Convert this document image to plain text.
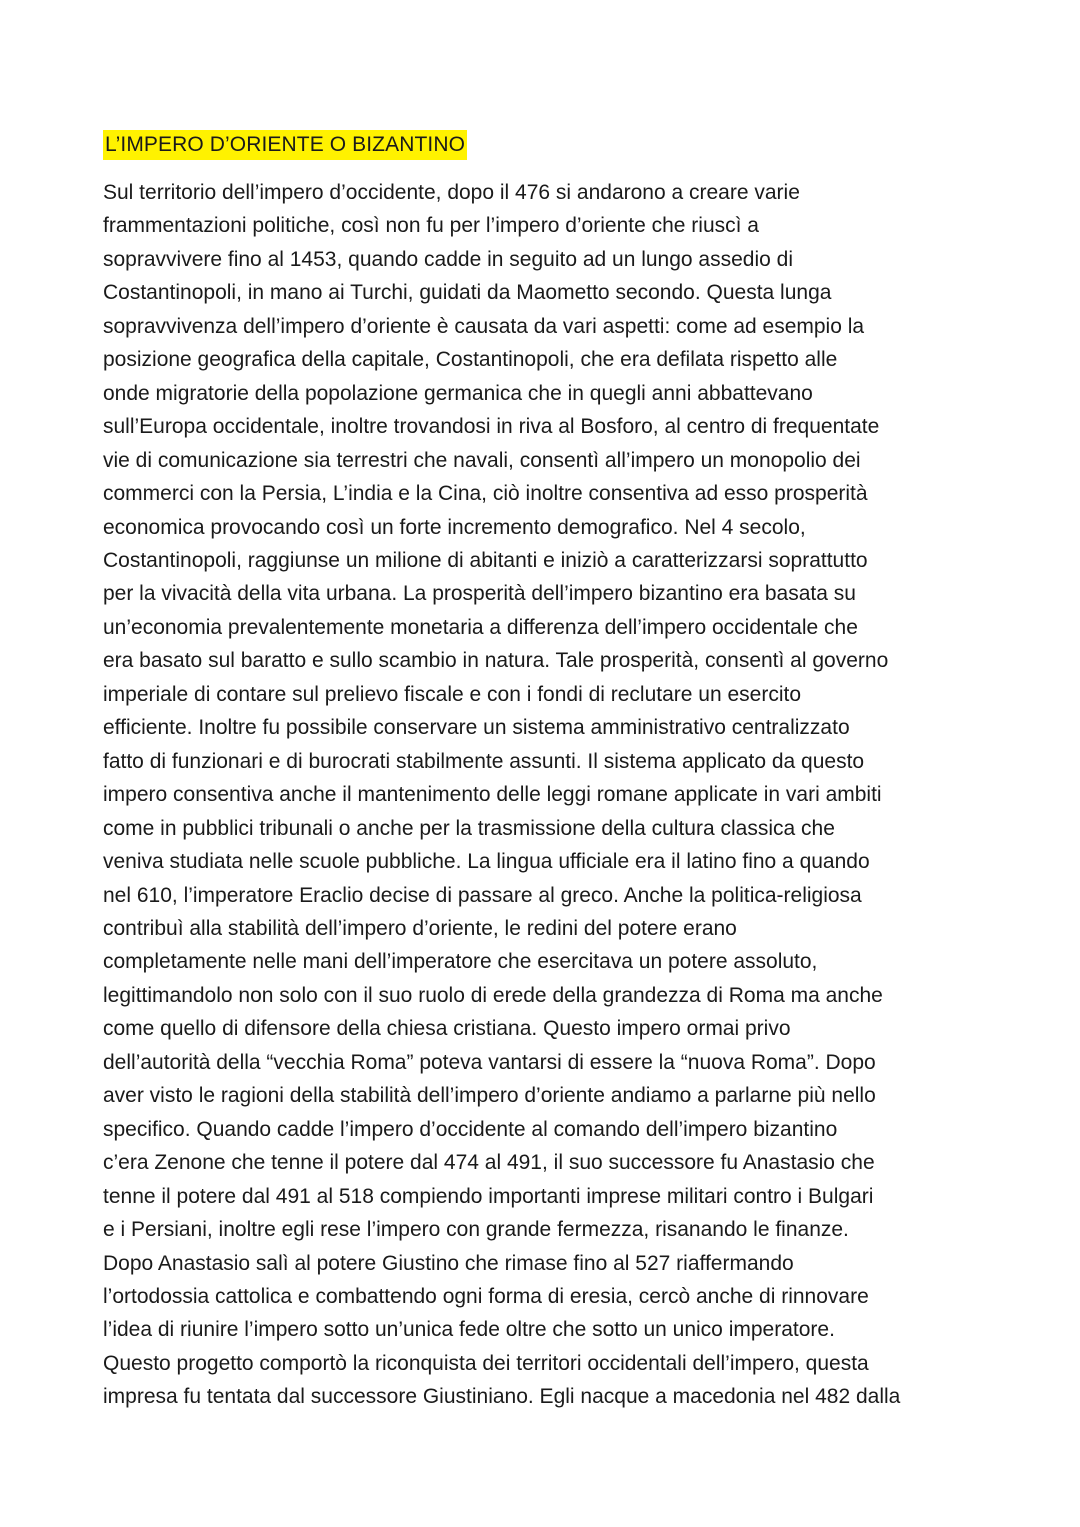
L’IMPERO D’ORIENTE O BIZANTINO
Sul territorio dell’impero d’occidente, dopo il 476 si andarono a creare varie
frammentazioni politiche, così non fu per l’impero d’oriente che riuscì a
sopravvivere fino al 1453, quando cadde in seguito ad un lungo assedio di
Costantinopoli, in mano ai Turchi, guidati da Maometto secondo. Questa lunga
sopravvivenza dell’impero d’oriente è causata da vari aspetti: come ad esempio la
posizione geografica della capitale, Costantinopoli, che era defilata rispetto alle
onde migratorie della popolazione germanica che in quegli anni abbattevano
sull’Europa occidentale, inoltre trovandosi in riva al Bosforo, al centro di frequentate
vie di comunicazione sia terrestri che navali, consentì all’impero un monopolio dei
commerci con la Persia, L’india e la Cina, ciò inoltre consentiva ad esso prosperità
economica provocando così un forte incremento demografico. Nel 4 secolo,
Costantinopoli, raggiunse un milione di abitanti e iniziò a caratterizzarsi soprattutto
per la vivacità della vita urbana. La prosperità dell’impero bizantino era basata su
un’economia prevalentemente monetaria a differenza dell’impero occidentale che
era basato sul baratto e sullo scambio in natura. Tale prosperità, consentì al governo
imperiale di contare sul prelievo fiscale e con i fondi di reclutare un esercito
efficiente. Inoltre fu possibile conservare un sistema amministrativo centralizzato
fatto di funzionari e di burocrati stabilmente assunti. Il sistema applicato da questo
impero consentiva anche il mantenimento delle leggi romane applicate in vari ambiti
come in pubblici tribunali o anche per la trasmissione della cultura classica che
veniva studiata nelle scuole pubbliche. La lingua ufficiale era il latino fino a quando
nel 610, l’imperatore Eraclio decise di passare al greco. Anche la politica-religiosa
contribuì alla stabilità dell’impero d’oriente, le redini del potere erano
completamente nelle mani dell’imperatore che esercitava un potere assoluto,
legittimandolo non solo con il suo ruolo di erede della grandezza di Roma ma anche
come quello di difensore della chiesa cristiana. Questo impero ormai privo
dell’autorità della “vecchia Roma” poteva vantarsi di essere la “nuova Roma”. Dopo
aver visto le ragioni della stabilità dell’impero d’oriente andiamo a parlarne più nello
specifico. Quando cadde l’impero d’occidente al comando dell’impero bizantino
c’era Zenone che tenne il potere dal 474 al 491, il suo successore fu Anastasio che
tenne il potere dal 491 al 518 compiendo importanti imprese militari contro i Bulgari
e i Persiani, inoltre egli rese l’impero con grande fermezza, risanando le finanze.
Dopo Anastasio salì al potere Giustino che rimase fino al 527 riaffermando
l’ortodossia cattolica e combattendo ogni forma di eresia, cercò anche di rinnovare
l’idea di riunire l’impero sotto un’unica fede oltre che sotto un unico imperatore.
Questo progetto comportò la riconquista dei territori occidentali dell’impero, questa
impresa fu tentata dal successore Giustiniano. Egli nacque a macedonia nel 482 dalla
